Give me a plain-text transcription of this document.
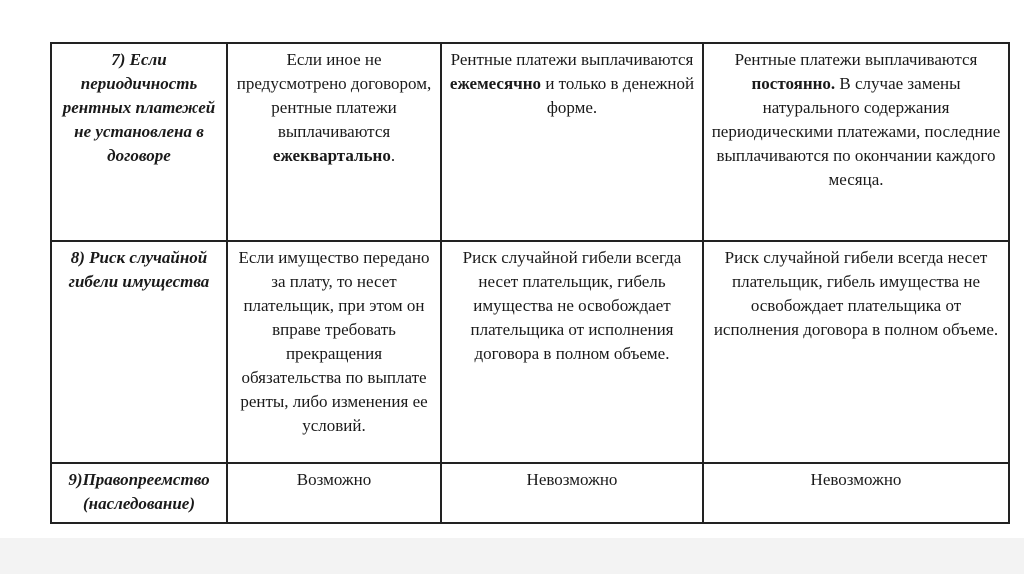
7) Если периодичность рентных платежей не установлена в договоре	Если иное не предусмотрено договором, рентные платежи выплачиваются ежеквартально.	Рентные платежи выплачиваются ежемесячно и только в денежной форме.	Рентные платежи выплачиваются постоянно. В случае замены натурального содержания периодическими платежами, последние выплачиваются по окончании каждого месяца.
8) Риск случайной гибели имущества	Если имущество передано за плату, то несет плательщик, при этом он вправе требовать прекращения обязательства по выплате ренты, либо изменения ее условий.	Риск случайной гибели всегда несет плательщик, гибель имущества не освобождает плательщика от исполнения договора в полном объеме.	Риск случайной гибели всегда несет плательщик, гибель имущества не освобождает плательщика от исполнения договора в полном объеме.
9)Правопреемство (наследование)	Возможно	Невозможно	Невозможно
